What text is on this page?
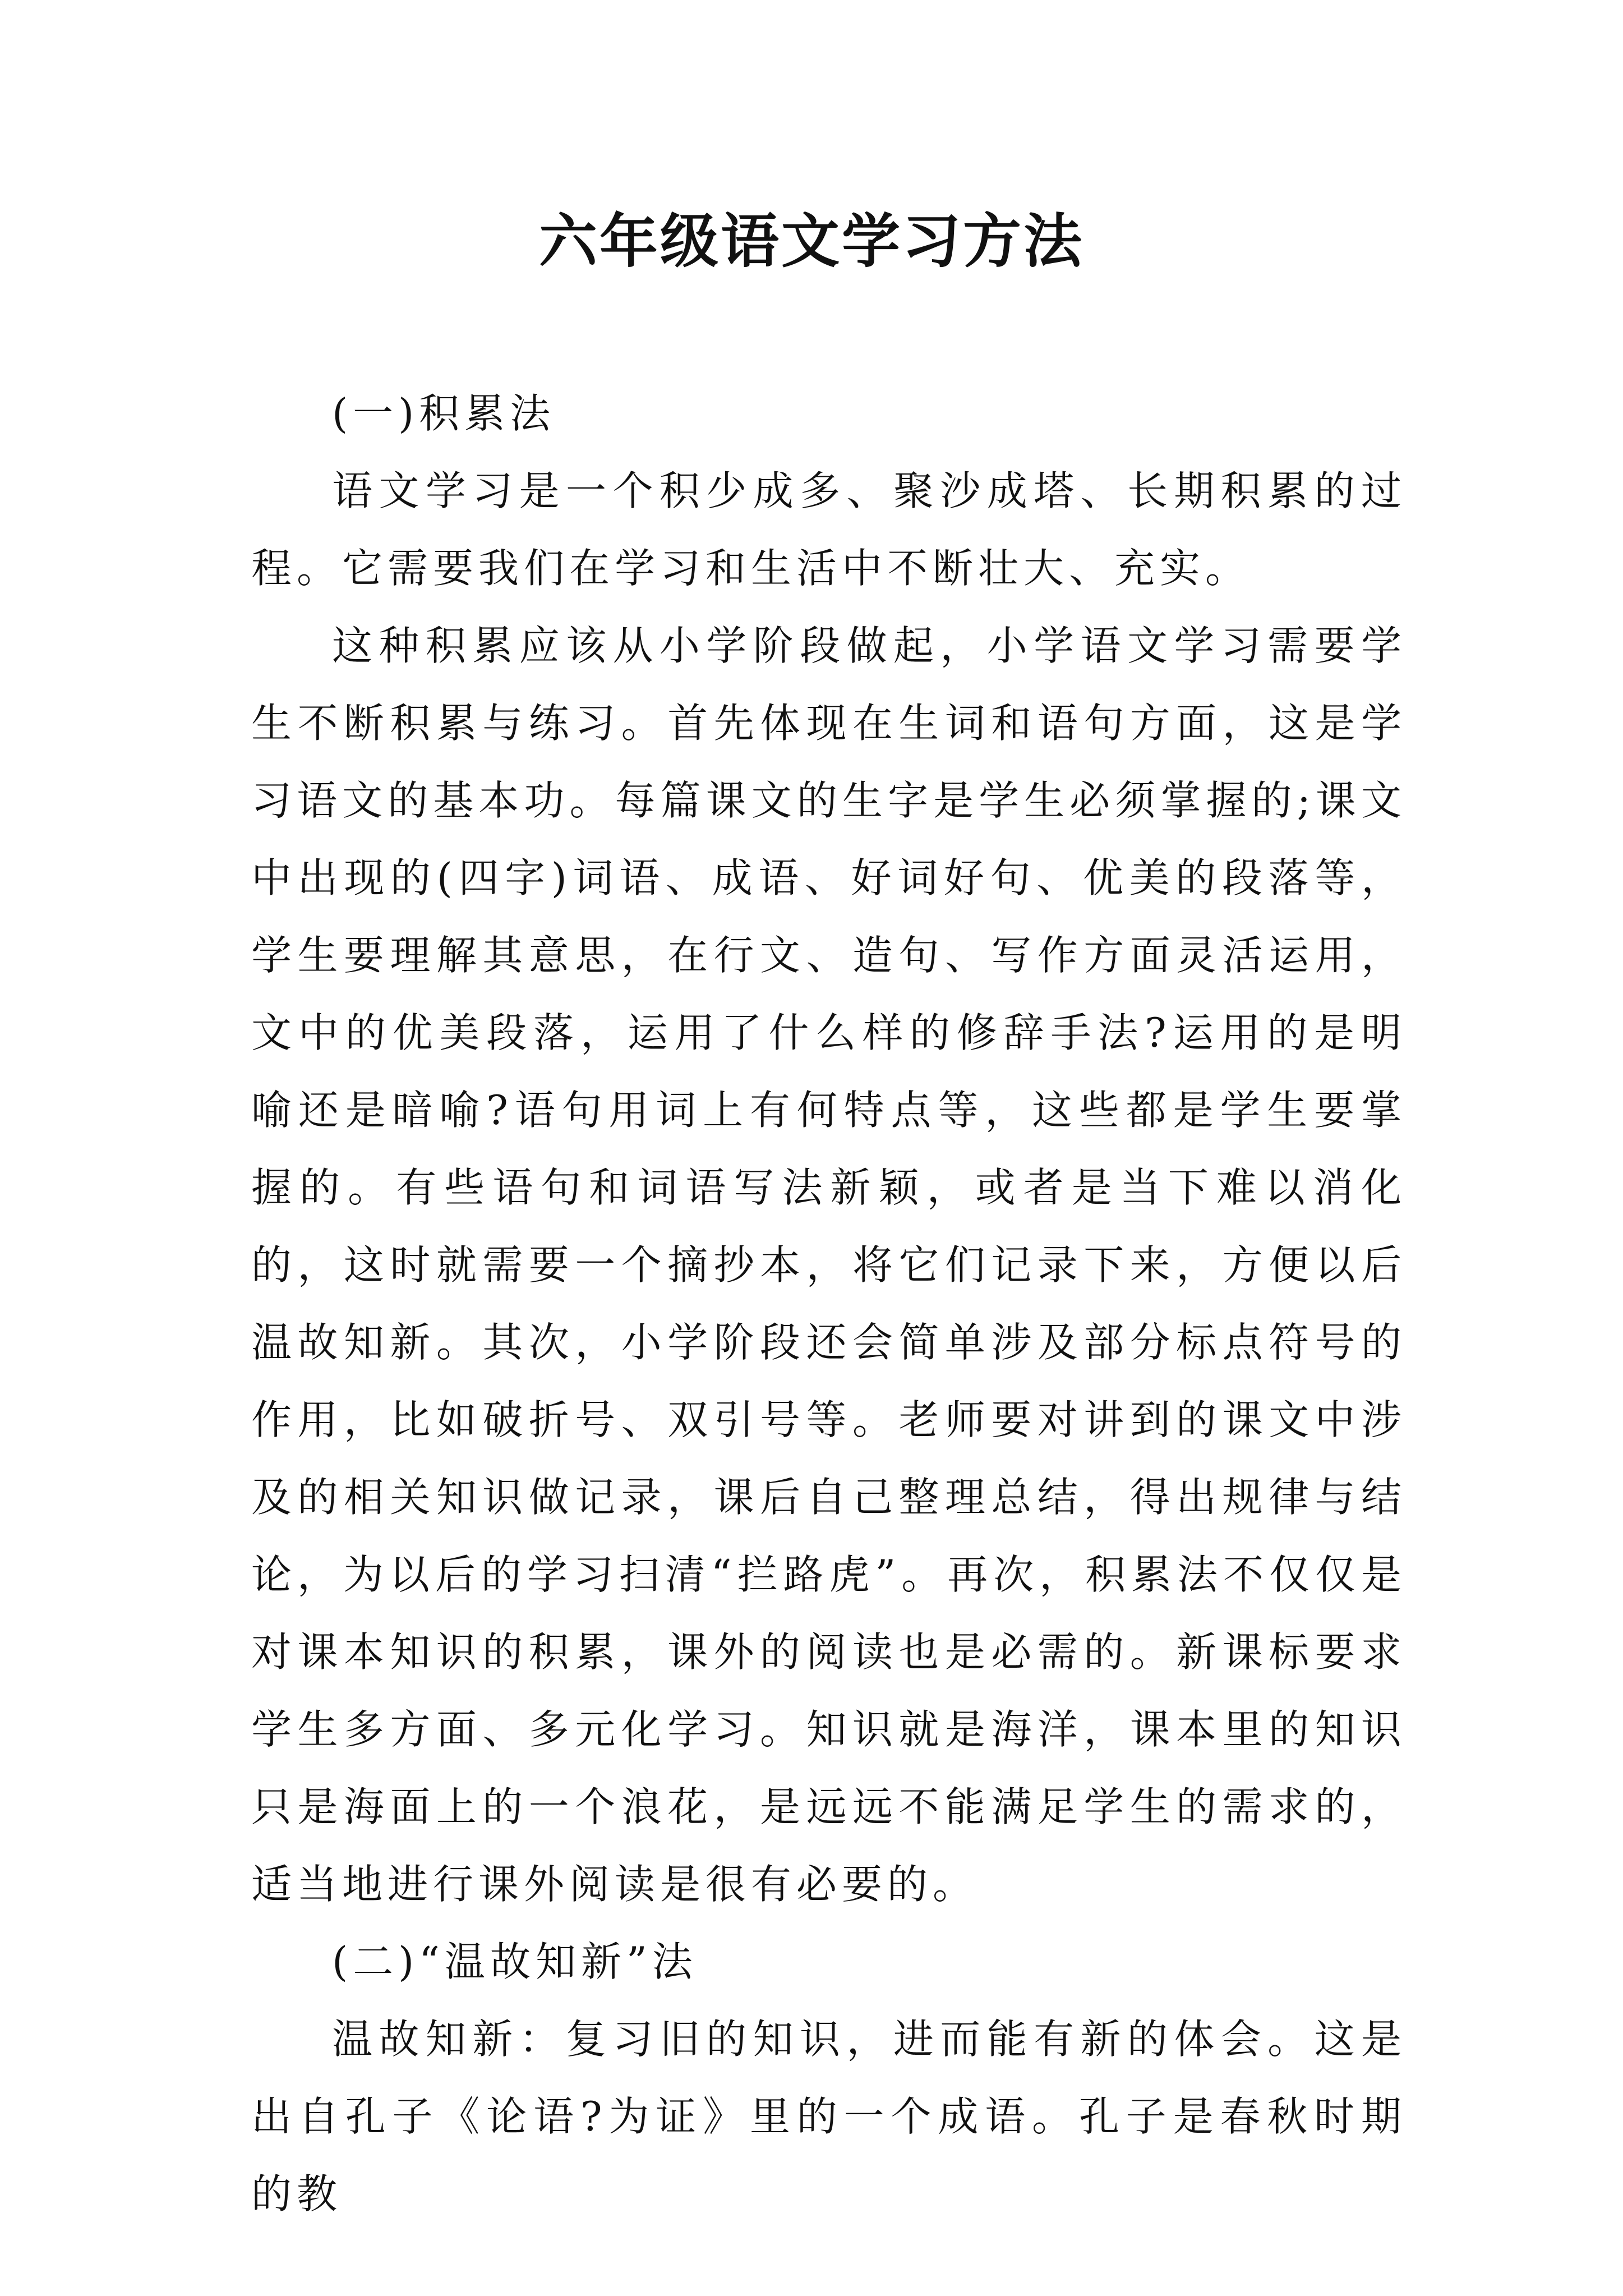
六年级语文学习方法

(一)积累法

语文学习是一个积少成多、聚沙成塔、长期积累的过程。它需要我们在学习和生活中不断壮大、充实。

这种积累应该从小学阶段做起，小学语文学习需要学生不断积累与练习。首先体现在生词和语句方面，这是学习语文的基本功。每篇课文的生字是学生必须掌握的;课文中出现的(四字)词语、成语、好词好句、优美的段落等，学生要理解其意思，在行文、造句、写作方面灵活运用，文中的优美段落，运用了什么样的修辞手法?运用的是明喻还是暗喻?语句用词上有何特点等，这些都是学生要掌握的。有些语句和词语写法新颖，或者是当下难以消化的，这时就需要一个摘抄本，将它们记录下来，方便以后温故知新。其次，小学阶段还会简单涉及部分标点符号的作用，比如破折号、双引号等。老师要对讲到的课文中涉及的相关知识做记录，课后自己整理总结，得出规律与结论，为以后的学习扫清“拦路虎”。再次，积累法不仅仅是对课本知识的积累，课外的阅读也是必需的。新课标要求学生多方面、多元化学习。知识就是海洋，课本里的知识只是海面上的一个浪花，是远远不能满足学生的需求的，适当地进行课外阅读是很有必要的。

(二)“温故知新”法

温故知新：复习旧的知识，进而能有新的体会。这是出自孔子《论语?为证》里的一个成语。孔子是春秋时期的教
